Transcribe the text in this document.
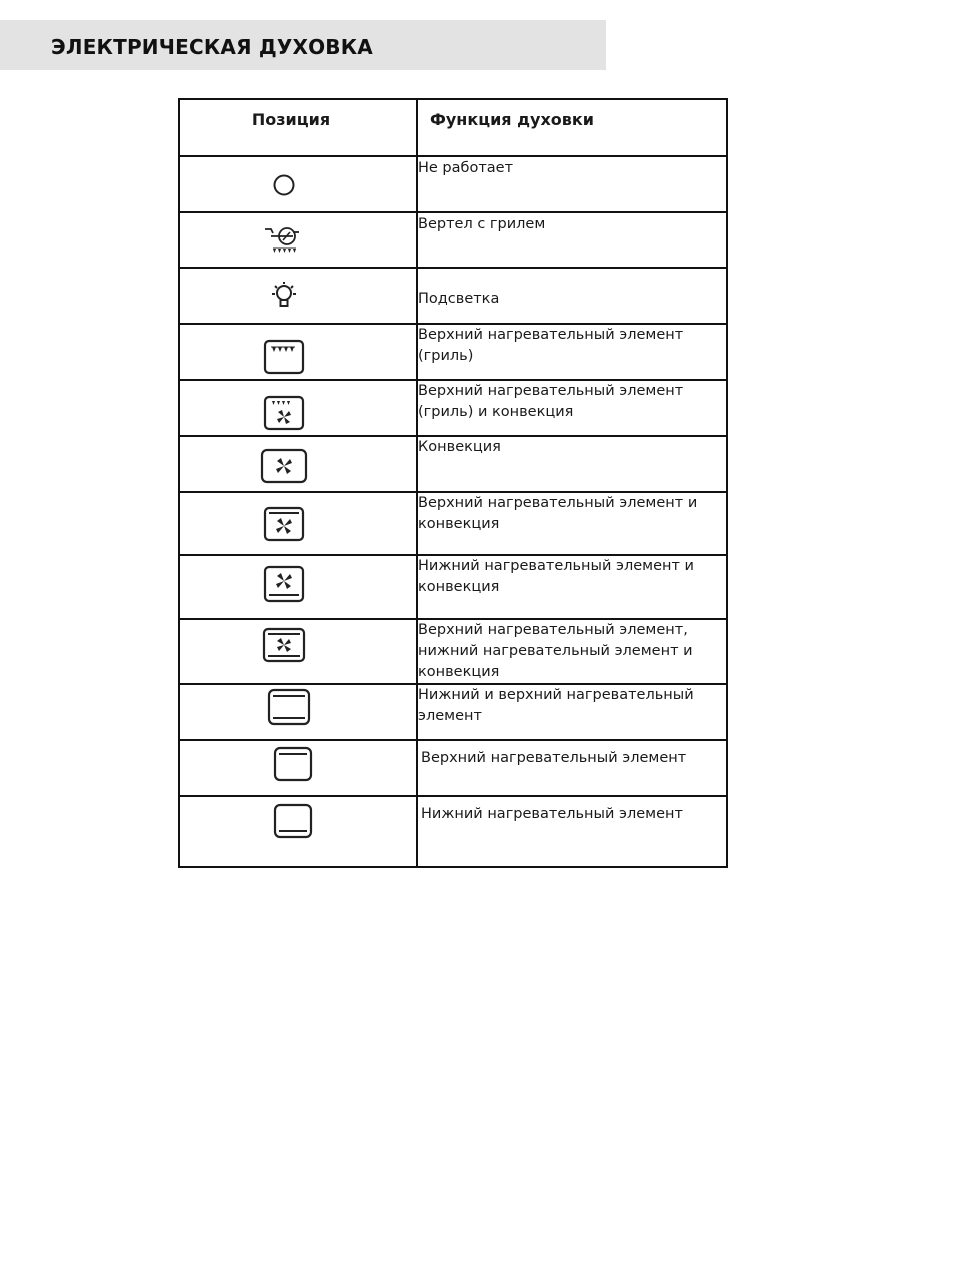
ЭЛЕКТРИЧЕСКАЯ ДУХОВКА
Позиция	Функция духовки

Не работает

Вертел с грилем

Подсветка

Верхний нагревательный элемент (гриль)

Верхний нагревательный элемент (гриль) и конвекция

Конвекция

Верхний нагревательный элемент и конвекция

Нижний нагревательный элемент и конвекция

Верхний нагревательный элемент, нижний нагревательный элемент и конвекция

Нижний и верхний нагревательный элемент

Верхний нагревательный элемент

Нижний нагревательный элемент
